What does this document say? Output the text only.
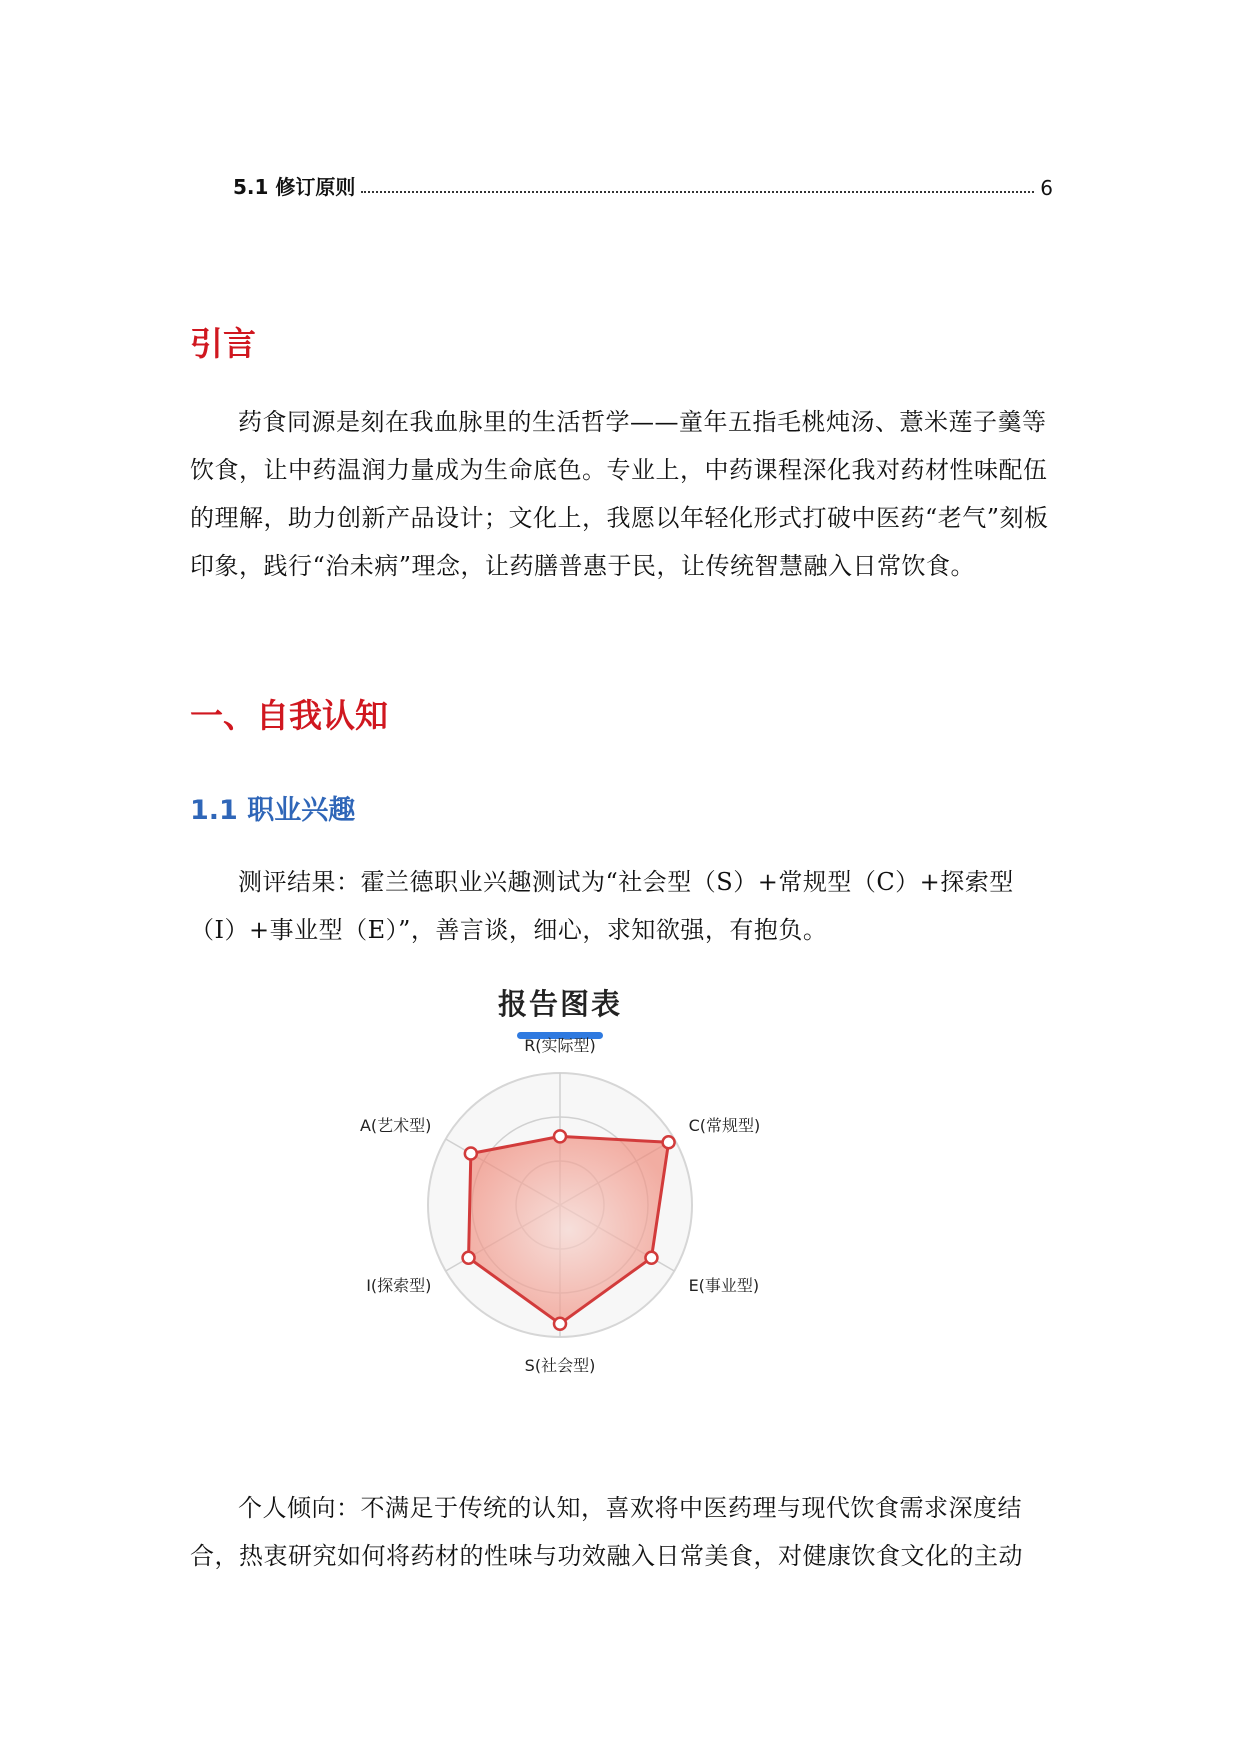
5.1 修订原则	6
引言

药食同源是刻在我血脉里的生活哲学——童年五指毛桃炖汤、薏米莲子羹等饮食，让中药温润力量成为生命底色。专业上，中药课程深化我对药材性味配伍的理解，助力创新产品设计；文化上，我愿以年轻化形式打破中医药“老气”刻板印象，践行“治未病”理念，让药膳普惠于民，让传统智慧融入日常饮食。

一、自我认知
1.1 职业兴趣

测评结果：霍兰德职业兴趣测试为“社会型（S）+常规型（C）+探索型（I）+事业型（E）”，善言谈，细心，求知欲强，有抱负。

报告图表
R(实际型)
C(常规型)
E(事业型)
S(社会型)
I(探索型)
A(艺术型)

个人倾向：不满足于传统的认知，喜欢将中医药理与现代饮食需求深度结合，热衷研究如何将药材的性味与功效融入日常美食，对健康饮食文化的主动
